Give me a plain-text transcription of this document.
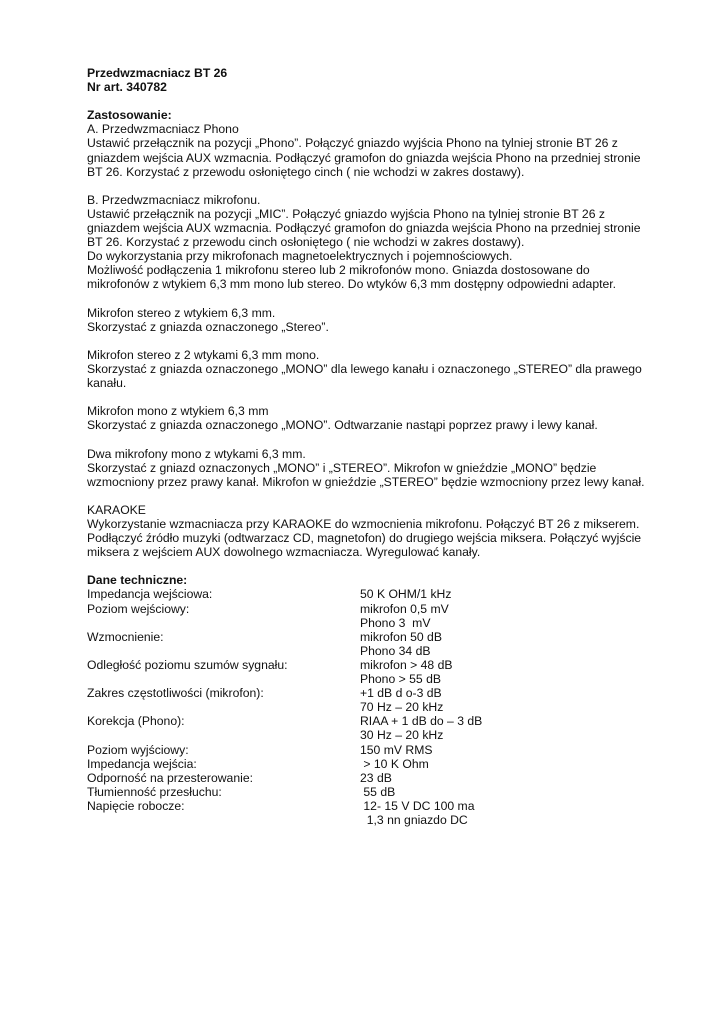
Przedwzmacniacz BT 26
Nr art. 340782
Zastosowanie:
A. Przedwzmacniacz Phono
Ustawić przełącznik na pozycji „Phono”. Połączyć gniazdo wyjścia Phono na tylniej stronie BT 26 z
gniazdem wejścia AUX wzmacnia. Podłączyć gramofon do gniazda wejścia Phono na przedniej stronie
BT 26. Korzystać z przewodu osłoniętego cinch ( nie wchodzi w zakres dostawy).
B. Przedwzmacniacz mikrofonu.
Ustawić przełącznik na pozycji „MIC”. Połączyć gniazdo wyjścia Phono na tylniej stronie BT 26 z
gniazdem wejścia AUX wzmacnia. Podłączyć gramofon do gniazda wejścia Phono na przedniej stronie
BT 26. Korzystać z przewodu cinch osłoniętego ( nie wchodzi w zakres dostawy).
Do wykorzystania przy mikrofonach magnetoelektrycznych i pojemnościowych.
Możliwość podłączenia 1 mikrofonu stereo lub 2 mikrofonów mono. Gniazda dostosowane do
mikrofonów z wtykiem 6,3 mm mono lub stereo. Do wtyków 6,3 mm dostępny odpowiedni adapter.
Mikrofon stereo z wtykiem 6,3 mm.
Skorzystać z gniazda oznaczonego „Stereo”.
Mikrofon stereo z 2 wtykami 6,3 mm mono.
Skorzystać z gniazda oznaczonego „MONO” dla lewego kanału i oznaczonego „STEREO” dla prawego
kanału.
Mikrofon mono z wtykiem 6,3 mm
Skorzystać z gniazda oznaczonego „MONO”. Odtwarzanie nastąpi poprzez prawy i lewy kanał.
Dwa mikrofony mono z wtykami 6,3 mm.
Skorzystać z gniazd oznaczonych „MONO” i „STEREO”. Mikrofon w gnieździe „MONO” będzie
wzmocniony przez prawy kanał. Mikrofon w gnieździe „STEREO” będzie wzmocniony przez lewy kanał.
KARAOKE
Wykorzystanie wzmacniacza przy KARAOKE do wzmocnienia mikrofonu. Połączyć BT 26 z mikserem.
Podłączyć źródło muzyki (odtwarzacz CD, magnetofon) do drugiego wejścia miksera. Połączyć wyjście
miksera z wejściem AUX dowolnego wzmacniacza. Wyregulować kanały.
Dane techniczne:
Impedancja wejściowa:	50 K OHM/1 kHz
Poziom wejściowy:	mikrofon 0,5 mV
Phono 3  mV
Wzmocnienie:	mikrofon 50 dB
Phono 34 dB
Odległość poziomu szumów sygnału:	mikrofon > 48 dB
Phono > 55 dB
Zakres częstotliwości (mikrofon):	+1 dB d o-3 dB
70 Hz – 20 kHz
Korekcja (Phono):	RIAA + 1 dB do – 3 dB
30 Hz – 20 kHz
Poziom wyjściowy:	150 mV RMS
Impedancja wejścia:	> 10 K Ohm
Odporność na przesterowanie:	23 dB
Tłumienność przesłuchu:	55 dB
Napięcie robocze:	12- 15 V DC 100 ma
1,3 nn gniazdo DC
